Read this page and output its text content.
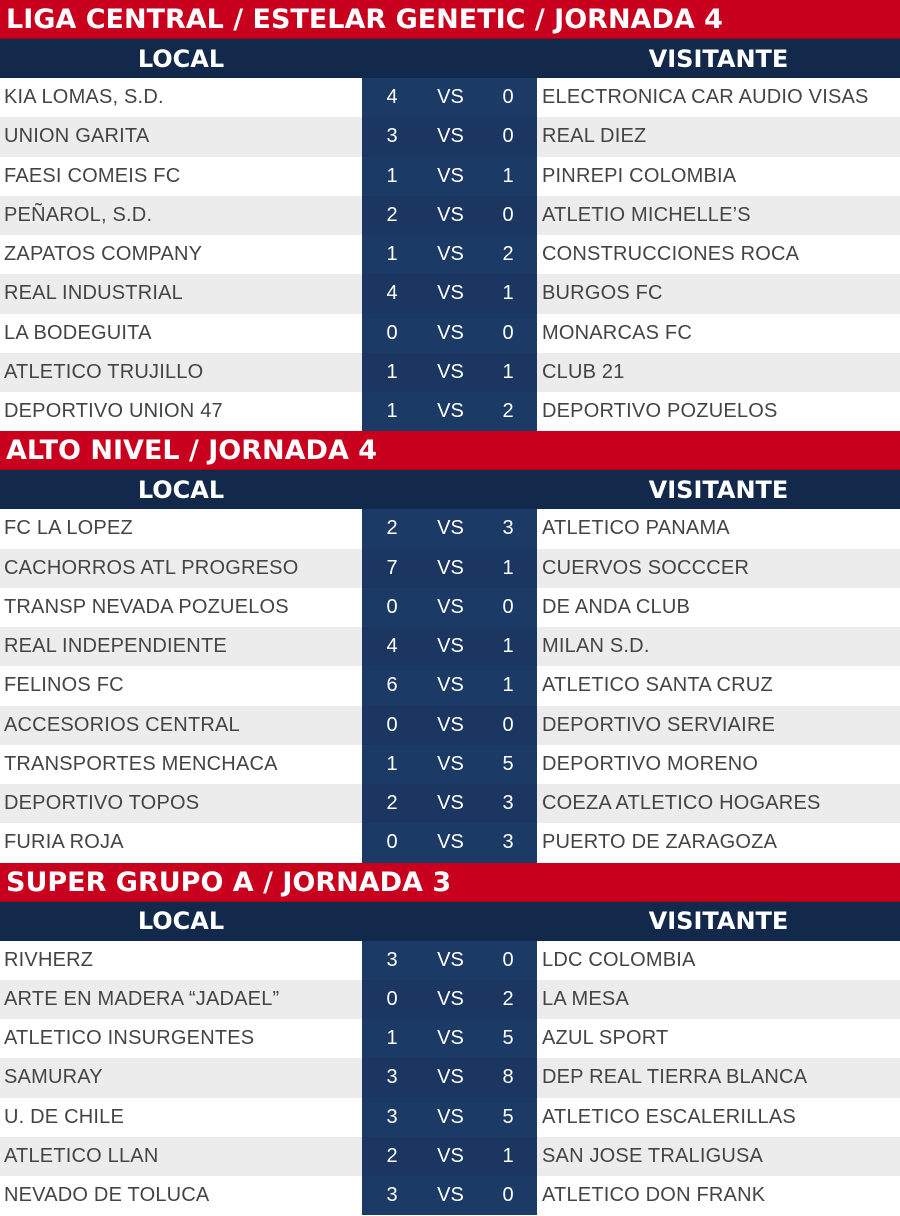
LIGA CENTRAL / ESTELAR GENETIC / JORNADA 4
LOCAL	VISITANTE
KIA LOMAS, S.D.	4	VS	0	ELECTRONICA CAR AUDIO VISAS
UNION GARITA	3	VS	0	REAL DIEZ
FAESI COMEIS FC	1	VS	1	PINREPI COLOMBIA
PEÑAROL, S.D.	2	VS	0	ATLETIO MICHELLE’S
ZAPATOS COMPANY	1	VS	2	CONSTRUCCIONES ROCA
REAL INDUSTRIAL	4	VS	1	BURGOS FC
LA BODEGUITA	0	VS	0	MONARCAS FC
ATLETICO TRUJILLO	1	VS	1	CLUB 21
DEPORTIVO UNION 47	1	VS	2	DEPORTIVO POZUELOS
ALTO NIVEL / JORNADA 4
LOCAL	VISITANTE
FC LA LOPEZ	2	VS	3	ATLETICO PANAMA
CACHORROS ATL PROGRESO	7	VS	1	CUERVOS SOCCCER
TRANSP NEVADA POZUELOS	0	VS	0	DE ANDA CLUB
REAL INDEPENDIENTE	4	VS	1	MILAN S.D.
FELINOS FC	6	VS	1	ATLETICO SANTA CRUZ
ACCESORIOS CENTRAL	0	VS	0	DEPORTIVO SERVIAIRE
TRANSPORTES MENCHACA	1	VS	5	DEPORTIVO MORENO
DEPORTIVO TOPOS	2	VS	3	COEZA ATLETICO HOGARES
FURIA ROJA	0	VS	3	PUERTO DE ZARAGOZA
SUPER GRUPO A / JORNADA 3
LOCAL	VISITANTE
RIVHERZ	3	VS	0	LDC COLOMBIA
ARTE EN MADERA “JADAEL”	0	VS	2	LA MESA
ATLETICO INSURGENTES	1	VS	5	AZUL SPORT
SAMURAY	3	VS	8	DEP REAL TIERRA BLANCA
U. DE CHILE	3	VS	5	ATLETICO ESCALERILLAS
ATLETICO LLAN	2	VS	1	SAN JOSE TRALIGUSA
NEVADO DE TOLUCA	3	VS	0	ATLETICO DON FRANK
